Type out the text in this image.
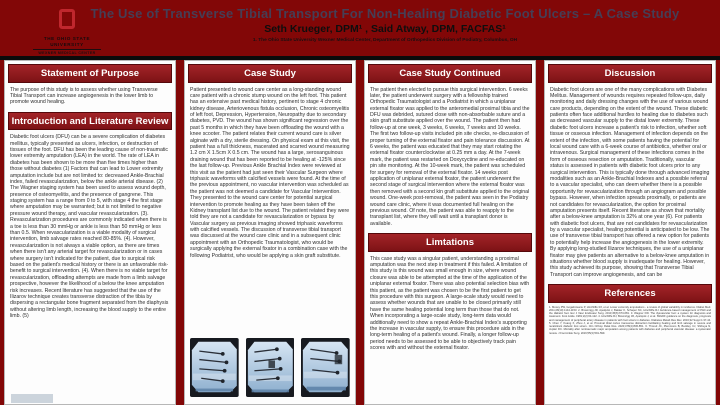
THE OHIO STATE
UNIVERSITY
WEXNER MEDICAL CENTER
The Use of Transverse Tibial Transport For Non-Healing Diabetic Foot Ulcers – A Case Study
Seth Krueger, DPM¹ , Said Atway, DPM, FACFAS¹
1. The Ohio State University Wexner Medical Center, Department of Orthopedics Division of Podiatry, Columbus, OH
Statement of Purpose
The purpose of this study is to assess whether using Transverse Tibial Transport can increase angiogenesis in the lower limb to promote wound healing.
Introduction and Literature Review
Diabetic foot ulcers (DFU) can be a severe complication of diabetes mellitus, typically presented as ulcers, infection, or destruction of tissues of the foot. DFU has been the leading cause of non-traumatic lower extremity amputation (LEA) in the world. The rate of LEA in diabetes has been shown to be more than five times higher than those without diabetes (1) Factors that can lead to Lower extremity amputation include but are not limited to: decreased Ankle-Brachial index, failed revascularization, below the ankle arterial disease. (2) The Wagner staging system has been used to assess wound depth, presence of osteomyelitis, and the presence of gangrene. This staging system has a range from 0 to 5, with stage 4 the first stage where amputation may be warranted; but is not limited to negative pressure wound therapy, and vascular revascularization. (3). Revascularization procedures are commonly indicated when there is a toe is less than 30 mmHg or ankle is less than 50 mmHg or less than 0.5. When revascularization is a viable modality of surgical intervention, limb salvage rates reached 80-85%. (4). However, revascularization is not always a viable option, as there are times when there isn't any arterial target for revascularization or in cases where surgery isn't indicated for the patient, due to surgical risk based on the patient's medical history or there is an unfavorable risk-benefit to surgical intervention. (4). When there is no viable target for revascularization, offloading attempts are made from a limb salvage prospective, however the likelihood of a below the knee amputation risk increases. Recent literature has suggested that the use of the Ilizarov technique creates transverse distraction of the tibia by dispersing a rectangular bone fragment separated from the diaphysis without altering limb length, increasing the blood supply to the entire limb. (5)
Case Study
Patient presented to wound care center as a long-standing wound care patient with a chronic stump wound on the left foot. This patient has an extensive past medical history, pertinent to stage 4 chronic kidney disease, Arteriovenous fistula occlusion, Chronic osteomyelitis of left foot, Depression, Hypertension, Neuropathy due to secondary diabetes, PVD. The wound has shown significant regression over the past 5 months in which they have been offloading the wound with a knee scooter. The patient relates their current wound care is silver alginate with a dry, sterile dressing. On physical exam at this visit, the patient has a full thickness, macerated and scarred wound measuring 1.2 cm X 1.5cm X 0.5 cm. The wound has a large, serosanguinous draining wound that has been reported to be healing at -125% since the last follow-up. Previous Ankle Brachial Index were reviewed at this visit as the patient had just seen their Vascular Surgeon where triphasic waveforms with calcified vessels were found. At the time of the previous appointment, no vascular intervention was scheduled as the patient was not deemed a candidate for Vascular Intervention. They presented to the wound care center for potential surgical intervention to promote healing as they have been taken off the Kidney transplant list due to the wound. The patient related they were told they are not a candidate for revascularization or bypass by Vascular surgery as previous imaging showed triphasic waveforms with calcified vessels. The discussion of transverse tibial transport was discussed at the wound care clinic and in a subsequent clinic appointment with an Orthopedic Traumatologist, who would be surgically applying the external fixator in a combination case with the following Podiatrist, who would be applying a skin graft substitute.
Case Study Continued
The patient then elected to pursue this surgical intervention. 6 weeks later, the patient underwent surgery with a fellowship trained Orthopedic Traumatologist and a Podiatrist in which a uniplanar external fixator was applied to the anteromedial proximal tibia and the DFU was debrided, sutured close with non-absorbable suture and a skin graft substitute applied over the wound. The patient then had follow-up at one week, 3 weeks, 6 weeks, 7 weeks and 10 weeks. The first two follow-up visits included pin site checks, re-discussion of proper turning of the external fixator and pain tolerance discussion. At 6 weeks, the patient was educated that they may start rotating the external fixator counterclockwise at 0.25 mm a day. At the 7-week mark, the patient was restarted on Doxycyctine and re-educated on pin site monitoring. At the 10-week mark, the patient was scheduled for surgery for removal of the external fixator. 14 weeks post application of uniplanar external fixator, the patient underwent the second stage of surgical intervention where the external fixator was then removed with a second kin graft substitute applied to the original wound. One-week post-removal, the patient was seen in the Podiatry wound care clinic, where it was documented full healing on the previous wound. Of note, the patient was able to reapply to the transplant list, where they will wait until a transplant donor is available.
Limtations
This case study was a singular patient, understanding a proximal amputation was the next step in treatment if this failed. A limitation of this study is this wound was small enough in size, where wound closure was able to be attempted at the time of the application of the uniplanar external fixator. There was also potential selection bias with this patient, as the patient was chosen to be the first patient to get this procedure with this surgeon. A large-scale study would need to assess whether wounds that are unable to be closed primarily still have the same healing potential long term than those that do not. When incorporating a large-scale study, long-term data would additionally need to show a repeat Ankle-Brachial Index's supporting the increase in vascular supply, to ensure this procedure aids in the long-term healing of a patient's wound. Finally, a longer follow-up period needs to be assessed to be able to objectively track pain scores with and without the external fixator.
Discussion
Diabetic foot ulcers are one of the many complications with Diabetes Melitus. Management of wounds requires repeated follow-ups, daily monitoring and daily dressing changes with the use of various wound care products, depending on the extent of the wound. These diabetic patients often face additional hurdles to healing due to diabetes such as decreased vascular supply to the distal lower extremity. These diabetic foot ulcers increase a patient's risk to infection, whether soft tissue or osseous infection. Management of infection depends on the extent of the infection, with some patients having the potential for local wound care with a 6-week course of antibiotics, whether oral or intravenous. Surgical management of these infections comes in the form of osseous resection or amputation. Traditionally, vascular status is assessed in patients with diabetic foot ulcers prior to any surgical intervention. This is typically done through advanced imaging modalities such as an Ankle-Brachial Indexes and a possible referral to a vascular specialist, who can deem whether there is a possible opportunity for revascularization through an angiogram and possible bypass. However, when infection spreads proximally, or patients are not candidates for revascularization, the option for proximal amputation presents itself. Recent literature as shown that mortality after a below-knee amputation is 32% at one year (6). For patients with diabetic foot ulcers, that are not candidates for revascularization by a vascular specialist, healing potential is anticipated to be low. The use of transverse tibial transport has offered a new option for patients to potentially help increase the angiogenesis in the lower extremity. By applying long-studied Ilizarov techniques, the use of a uniplanar fixator may give patients an alternative to a below-knee amputation in situations whether blood supply is inadequate for healing. However, this study achieved its purpose, showing that Transverse Tibial Transport can improve angiogenesis, and can be
References
1. Moxey PW, Gogalniceanu P, Hinchliffe RJ, et al. Lower extremity amputations - a review of global variability in incidence. Diabet Med. 2011;28(10):1144-1153. 2. Brownrigg JR, Apelqvist J, Bakker K, Schaper NC, Hinchliffe RJ. Evidence-based management of PAD and the diabetic foot. Eur J Vasc Endovasc Surg. 2013;45(6):673-681. 3. Wagner FW. The dysvascular foot: a system for diagnosis and treatment. Foot Ankle. 1981;2(2):64-122. 4. Hinchliffe RJ, Brownrigg JR, Apelqvist J, et al. IWGDF guidance on the diagnosis, prognosis and management of peripheral artery disease in patients with foot ulcers in diabetes. Diabetes Metab Res Rev. 2016;32 Suppl 1:37-44. 5. Chen Y, Kuang X, Zhou J, et al. Proximal tibial cortex transverse distraction facilitating healing and limb salvage in severe and recalcitrant diabetic foot ulcers. Clin Orthop Relat Res. 2020;478(4):836-851. 6. Thorud JC, Plemmons B, Buckley CJ, Shibuya N, Jupiter DC. Mortality after nontraumatic major amputation among patients with diabetes and peripheral vascular disease: a systematic review. J Foot Ankle Surg. 2016;55(3):591-599.
